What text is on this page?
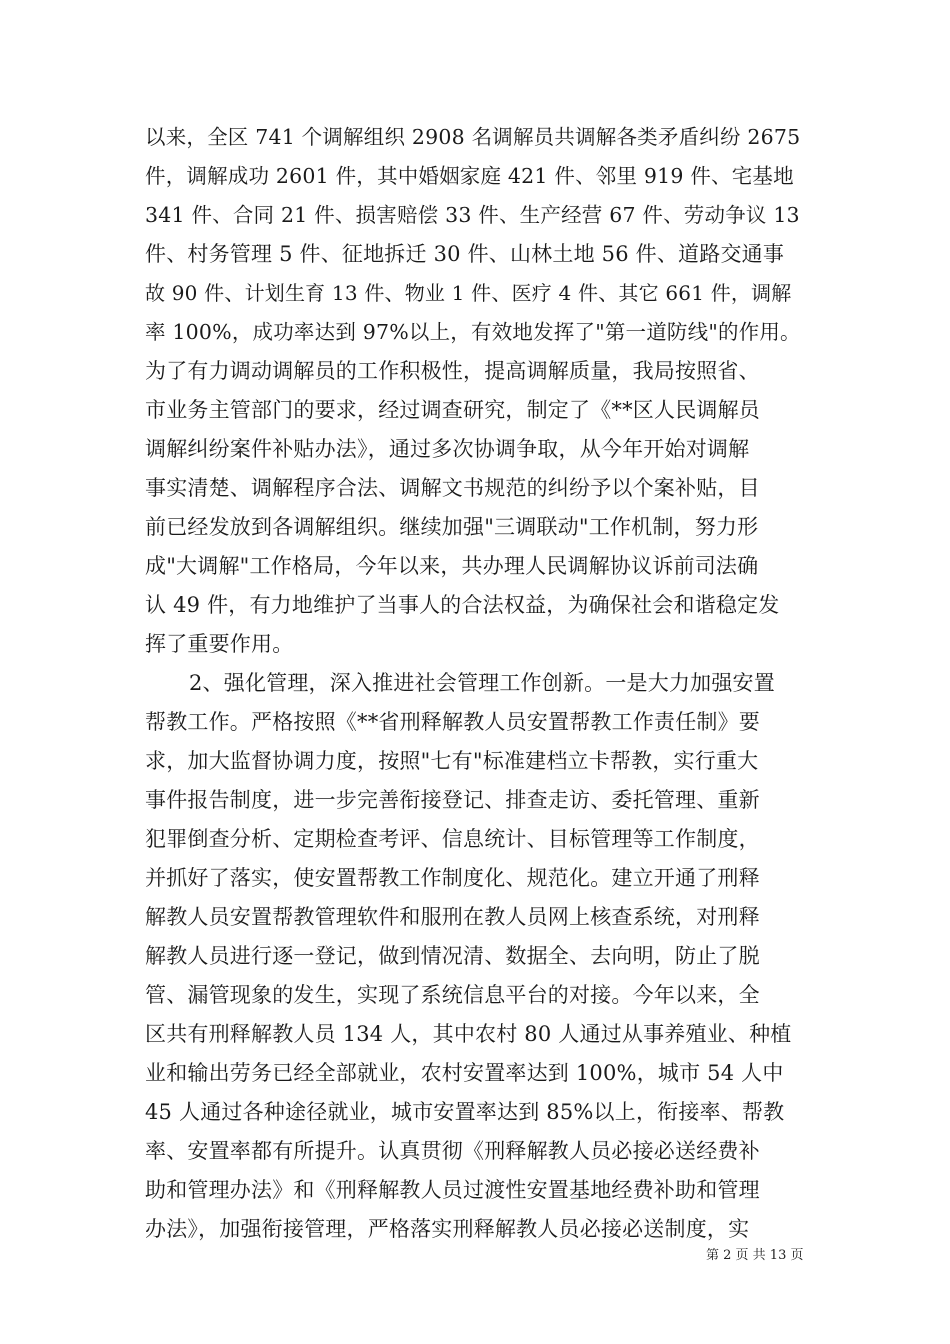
以来，全区 741 个调解组织 2908 名调解员共调解各类矛盾纠纷 2675
件，调解成功 2601 件，其中婚姻家庭 421 件、邻里 919 件、宅基地
341 件、合同 21 件、损害赔偿 33 件、生产经营 67 件、劳动争议 13
件、村务管理 5 件、征地拆迁 30 件、山林土地 56 件、道路交通事
故 90 件、计划生育 13 件、物业 1 件、医疗 4 件、其它 661 件，调解
率 100%，成功率达到 97%以上，有效地发挥了"第一道防线"的作用。
为了有力调动调解员的工作积极性，提高调解质量，我局按照省、
市业务主管部门的要求，经过调查研究，制定了《**区人民调解员
调解纠纷案件补贴办法》，通过多次协调争取，从今年开始对调解
事实清楚、调解程序合法、调解文书规范的纠纷予以个案补贴，目
前已经发放到各调解组织。继续加强"三调联动"工作机制，努力形
成"大调解"工作格局，今年以来，共办理人民调解协议诉前司法确
认 49 件，有力地维护了当事人的合法权益，为确保社会和谐稳定发
挥了重要作用。
2、强化管理，深入推进社会管理工作创新。一是大力加强安置
帮教工作。严格按照《**省刑释解教人员安置帮教工作责任制》要
求，加大监督协调力度，按照"七有"标准建档立卡帮教，实行重大
事件报告制度，进一步完善衔接登记、排查走访、委托管理、重新
犯罪倒查分析、定期检查考评、信息统计、目标管理等工作制度，
并抓好了落实，使安置帮教工作制度化、规范化。建立开通了刑释
解教人员安置帮教管理软件和服刑在教人员网上核查系统，对刑释
解教人员进行逐一登记，做到情况清、数据全、去向明，防止了脱
管、漏管现象的发生，实现了系统信息平台的对接。今年以来，全
区共有刑释解教人员 134 人，其中农村 80 人通过从事养殖业、种植
业和输出劳务已经全部就业，农村安置率达到 100%，城市 54 人中
45 人通过各种途径就业，城市安置率达到 85%以上，衔接率、帮教
率、安置率都有所提升。认真贯彻《刑释解教人员必接必送经费补
助和管理办法》和《刑释解教人员过渡性安置基地经费补助和管理
办法》，加强衔接管理，严格落实刑释解教人员必接必送制度，实
第 2 页 共 13 页
